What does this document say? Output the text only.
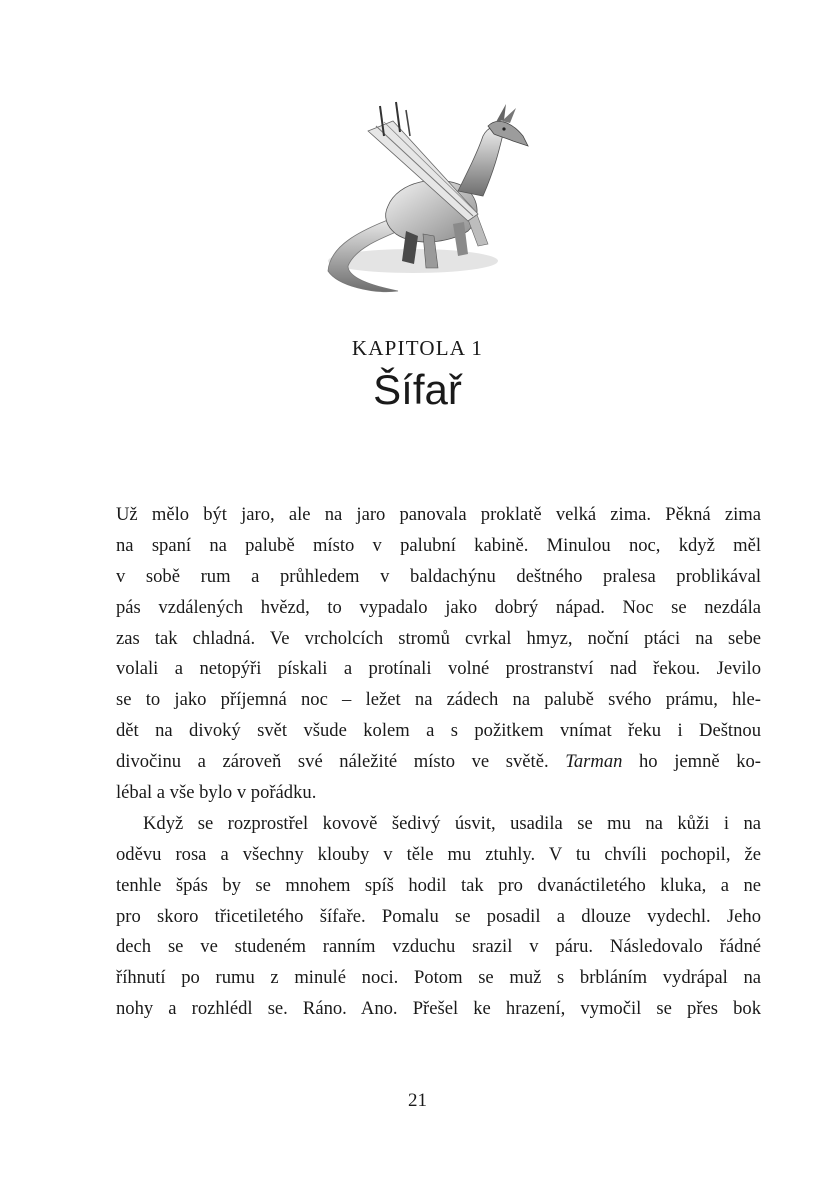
KAPITOLA 1
Šífař
Už mělo být jaro, ale na jaro panovala proklatě velká zima. Pěkná zima
na spaní na palubě místo v palubní kabině. Minulou noc, když měl
v sobě rum a průhledem v baldachýnu deštného pralesa problikával
pás vzdálených hvězd, to vypadalo jako dobrý nápad. Noc se nezdála
zas tak chladná. Ve vrcholcích stromů cvrkal hmyz, noční ptáci na sebe
volali a netopýři pískali a protínali volné prostranství nad řekou. Jevilo
se to jako příjemná noc – ležet na zádech na palubě svého prámu, hle-
dět na divoký svět všude kolem a s požitkem vnímat řeku i Deštnou
divočinu a zároveň své náležité místo ve světě. Tarman ho jemně ko-
lébal a vše bylo v pořádku.
Když se rozprostřel kovově šedivý úsvit, usadila se mu na kůži i na
oděvu rosa a všechny klouby v těle mu ztuhly. V tu chvíli pochopil, že
tenhle špás by se mnohem spíš hodil tak pro dvanáctiletého kluka, a ne
pro skoro třicetiletého šífaře. Pomalu se posadil a dlouze vydechl. Jeho
dech se ve studeném ranním vzduchu srazil v páru. Následovalo řádné
říhnutí po rumu z minulé noci. Potom se muž s brbláním vydrápal na
nohy a rozhlédl se. Ráno. Ano. Přešel ke hrazení, vymočil se přes bok
21
